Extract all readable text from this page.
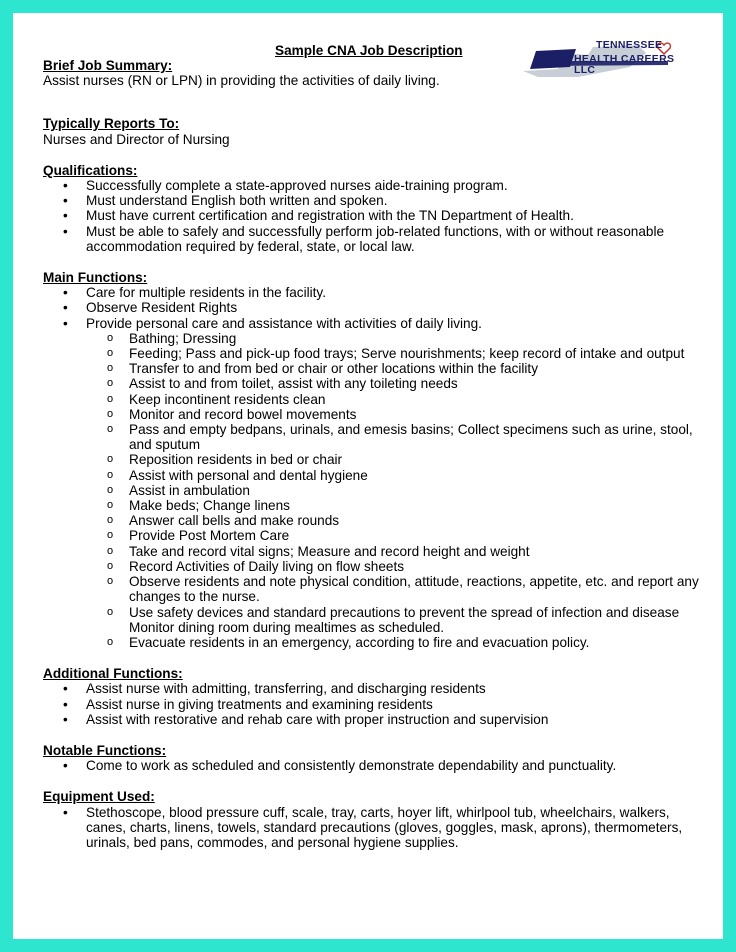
Sample CNA Job Description	TENNESSEE
HEALTH CAREERS LLC

Brief Job Summary:

Assist nurses (RN or LPN) in providing the activities of daily living.

Typically Reports To:

Nurses and Director of Nursing

Qualifications:

• Successfully complete a state-approved nurses aide-training program.
• Must understand English both written and spoken.
• Must have current certification and registration with the TN Department of Health.
• Must be able to safely and successfully perform job-related functions, with or without reasonable accommodation required by federal, state, or local law.

Main Functions:

• Care for multiple residents in the facility.
• Observe Resident Rights
• Provide personal care and assistance with activities of daily living.
o Bathing; Dressing
o Feeding; Pass and pick-up food trays; Serve nourishments; keep record of intake and output
o Transfer to and from bed or chair or other locations within the facility
o Assist to and from toilet, assist with any toileting needs
o Keep incontinent residents clean
o Monitor and record bowel movements
o Pass and empty bedpans, urinals, and emesis basins; Collect specimens such as urine, stool, and sputum
o Reposition residents in bed or chair
o Assist with personal and dental hygiene
o Assist in ambulation
o Make beds; Change linens
o Answer call bells and make rounds
o Provide Post Mortem Care
o Take and record vital signs; Measure and record height and weight
o Record Activities of Daily living on flow sheets
o Observe residents and note physical condition, attitude, reactions, appetite, etc. and report any changes to the nurse.
o Use safety devices and standard precautions to prevent the spread of infection and disease Monitor dining room during mealtimes as scheduled.
o Evacuate residents in an emergency, according to fire and evacuation policy.

Additional Functions:

• Assist nurse with admitting, transferring, and discharging residents
• Assist nurse in giving treatments and examining residents
• Assist with restorative and rehab care with proper instruction and supervision

Notable Functions:

• Come to work as scheduled and consistently demonstrate dependability and punctuality.

Equipment Used:

• Stethoscope, blood pressure cuff, scale, tray, carts, hoyer lift, whirlpool tub, wheelchairs, walkers, canes, charts, linens, towels, standard precautions (gloves, goggles, mask, aprons), thermometers, urinals, bed pans, commodes, and personal hygiene supplies.
